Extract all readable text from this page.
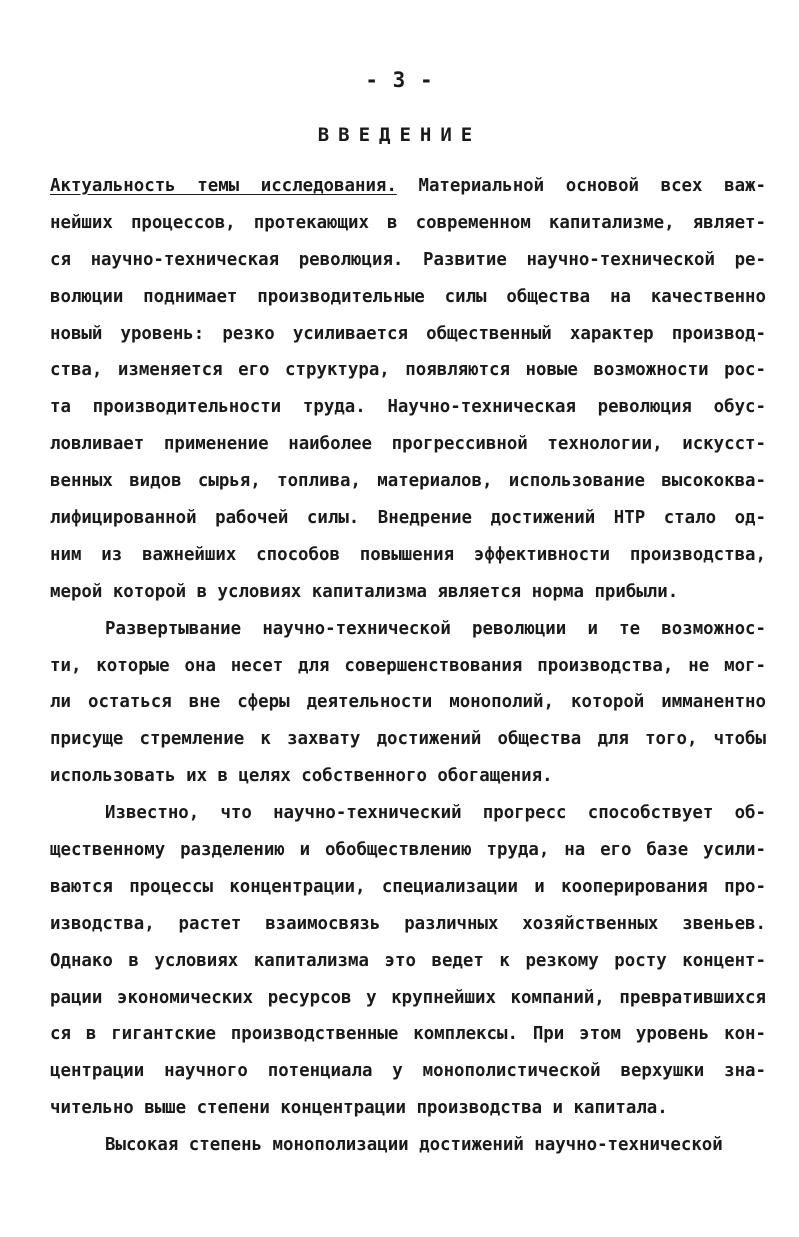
- 3 -
ВВЕДЕНИЕ
Актуальность темы исследования. Материальной основой всех важ-
нейших процессов, протекающих в современном капитализме, являет-
ся научно-техническая революция. Развитие научно-технической ре-
волюции поднимает производительные силы общества на качественно
новый уровень: резко усиливается общественный характер производ-
ства, изменяется его структура, появляются новые возможности рос-
та производительности труда. Научно-техническая революция обус-
ловливает применение наиболее прогрессивной технологии, искусст-
венных видов сырья, топлива, материалов, использование высококва-
лифицированной рабочей силы. Внедрение достижений НТР стало од-
ним из важнейших способов повышения эффективности производства,
мерой которой в условиях капитализма является норма прибыли.
Развертывание научно-технической революции и те возможнос-
ти, которые она несет для совершенствования производства, не мог-
ли остаться вне сферы деятельности монополий, которой имманентно
присуще стремление к захвату достижений общества для того, чтобы
использовать их в целях собственного обогащения.
Известно, что научно-технический прогресс способствует об-
щественному разделению и обобществлению труда, на его базе усили-
ваются процессы концентрации, специализации и кооперирования про-
изводства, растет взаимосвязь различных хозяйственных звеньев.
Однако в условиях капитализма это ведет к резкому росту концент-
рации экономических ресурсов у крупнейших компаний, превратившихся
ся в гигантские производственные комплексы. При этом уровень кон-
центрации научного потенциала у монополистической верхушки зна-
чительно выше степени концентрации производства и капитала.
Высокая степень монополизации достижений научно-технической
